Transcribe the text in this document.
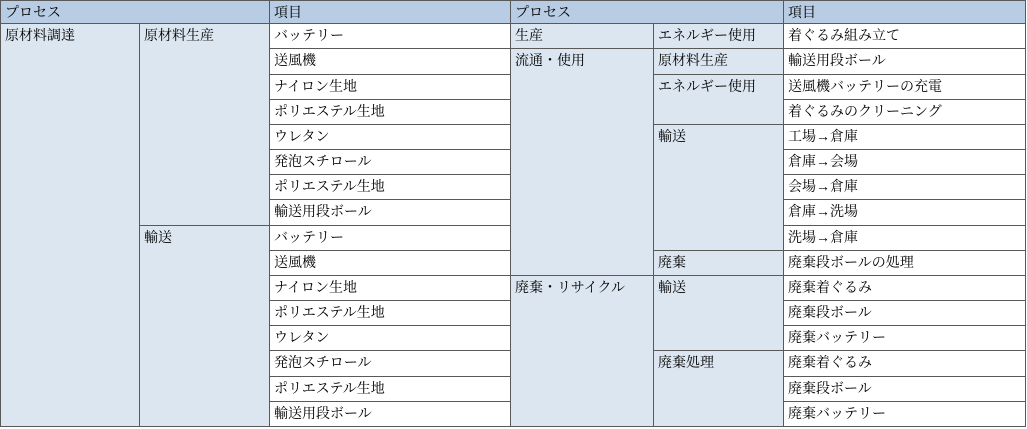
プロセス		項目	プロセス		項目
原材料調達	原材料生産	バッテリー	生産	エネルギー使用	着ぐるみ組み立て
		送風機	流通・使用	原材料生産	輸送用段ボール
		ナイロン生地		エネルギー使用	送風機バッテリーの充電
		ポリエステル生地			着ぐるみのクリーニング
		ウレタン		輸送	工場→倉庫
		発泡スチロール			倉庫→会場
		ポリエステル生地			会場→倉庫
		輸送用段ボール			倉庫→洗場
	輸送	バッテリー			洗場→倉庫
		送風機		廃棄	廃棄段ボールの処理
		ナイロン生地	廃棄・リサイクル	輸送	廃棄着ぐるみ
		ポリエステル生地			廃棄段ボール
		ウレタン			廃棄バッテリー
		発泡スチロール		廃棄処理	廃棄着ぐるみ
		ポリエステル生地			廃棄段ボール
		輸送用段ボール			廃棄バッテリー
